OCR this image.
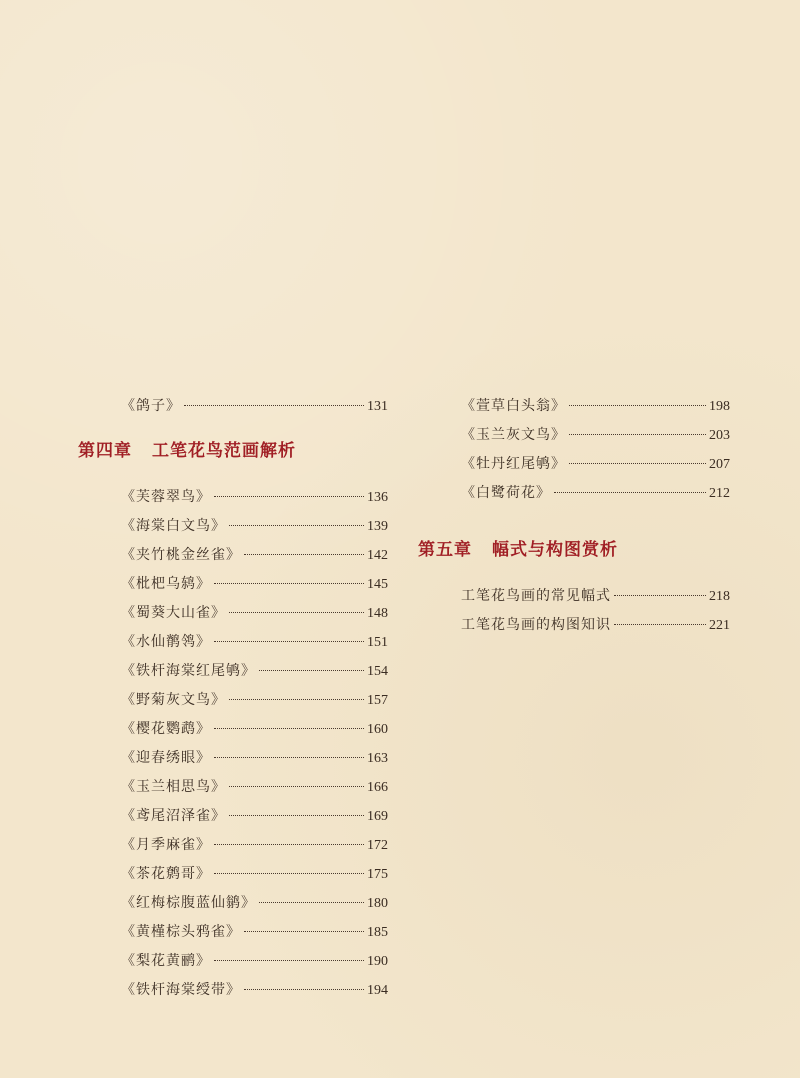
《鸽子》	131
第四章 工笔花鸟范画解析
《芙蓉翠鸟》	136
《海棠白文鸟》	139
《夹竹桃金丝雀》	142
《枇杷乌鸫》	145
《蜀葵大山雀》	148
《水仙鹡鸰》	151
《铁杆海棠红尾鸲》	154
《野菊灰文鸟》	157
《樱花鹦鹉》	160
《迎春绣眼》	163
《玉兰相思鸟》	166
《鸢尾沼泽雀》	169
《月季麻雀》	172
《茶花鹩哥》	175
《红梅棕腹蓝仙鹟》	180
《黄槿棕头鸦雀》	185
《梨花黄鹂》	190
《铁杆海棠绶带》	194
《萱草白头翁》	198
《玉兰灰文鸟》	203
《牡丹红尾鸲》	207
《白鹭荷花》	212
第五章 幅式与构图赏析
工笔花鸟画的常见幅式	218
工笔花鸟画的构图知识	221
